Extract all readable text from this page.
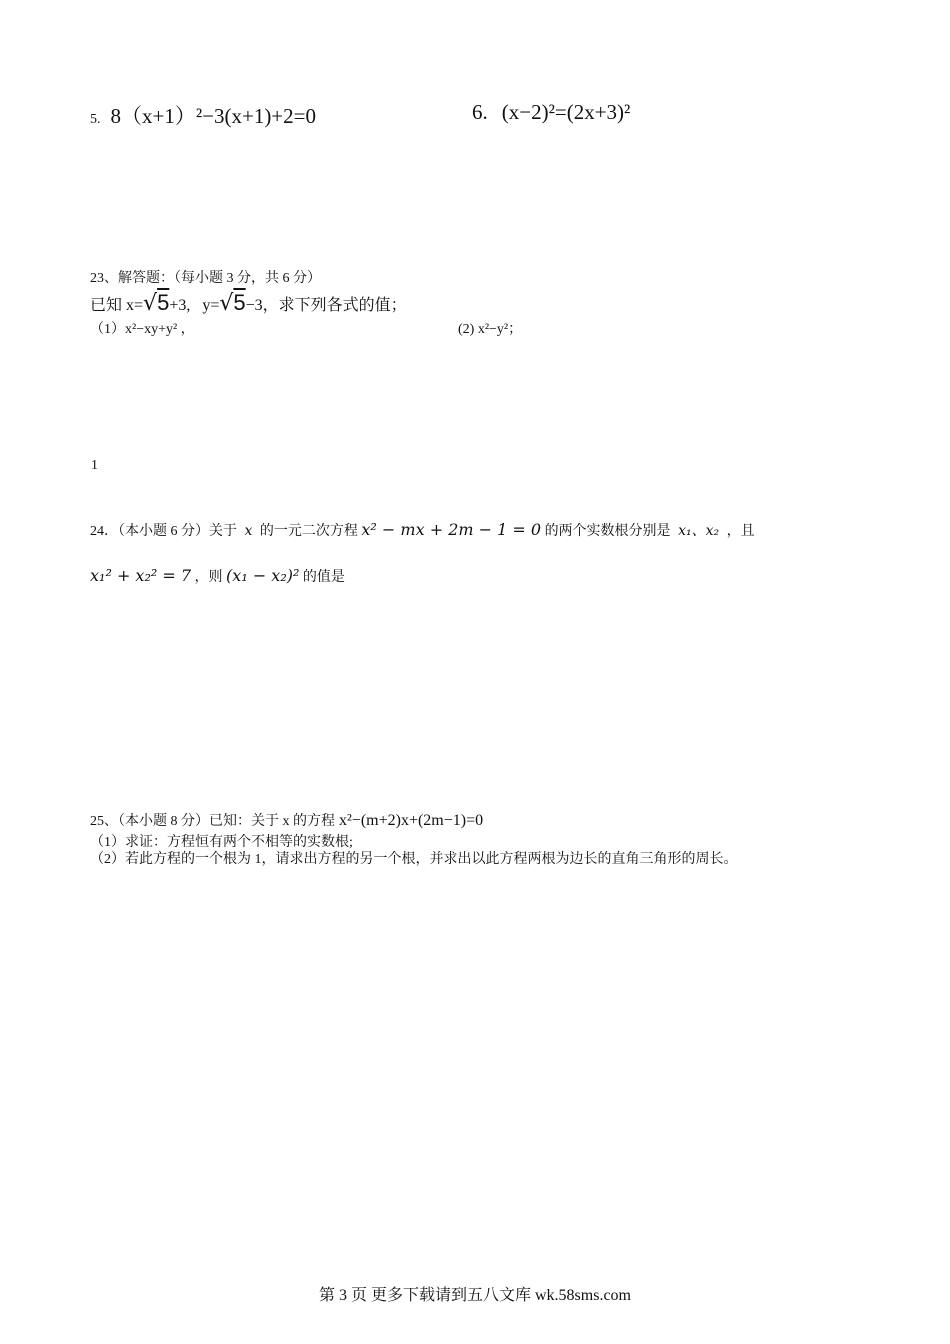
5. 8（x+1）²−3(x+1)+2=0	6. (x−2)²=(2x+3)²
23、解答题：（每小题 3 分，共 6 分）
已知 x=√5+3, y=√5−3，求下列各式的值；
（1）x²−xy+y² ，	(2) x²−y²；
1
24．（本小题 6 分）关于 x 的一元二次方程 x² − mx + 2m − 1 = 0 的两个实数根分别是 x₁、x₂ ，且
x₁² + x₂² = 7 ，则 (x₁ − x₂)² 的值是
25、（本小题 8 分）已知：关于 x 的方程 x²−(m+2)x+(2m−1)=0
（1）求证：方程恒有两个不相等的实数根;
（2）若此方程的一个根为 1，请求出方程的另一个根，并求出以此方程两根为边长的直角三角形的周长。
第 3 页 更多下载请到五八文库 wk.58sms.com
